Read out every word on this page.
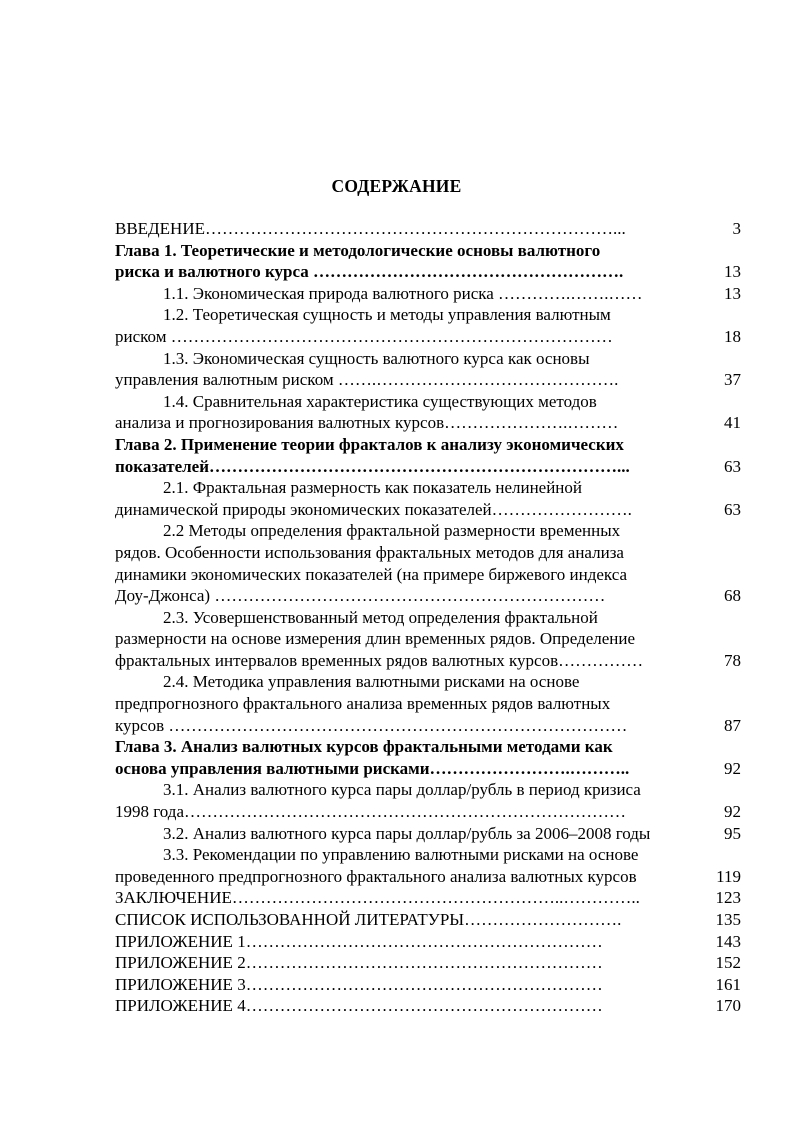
СОДЕРЖАНИЕ
ВВЕДЕНИЕ………………………………………………………………...	3
Глава 1. Теоретические и методологические основы валютного
риска и валютного курса ……………………………………………….	13
1.1. Экономическая природа валютного риска ………….…….……	13
1.2. Теоретическая сущность и методы управления валютным
риском ……………………………………………………………………	18
1.3. Экономическая сущность валютного курса как основы
управления валютным риском …….…………………………………….	37
1.4. Сравнительная характеристика существующих методов
анализа и прогнозирования валютных курсов………………….………	41
Глава 2. Применение теории фракталов к анализу экономических
показателей………………………………………………………………...	63
2.1. Фрактальная размерность как показатель нелинейной
динамической природы экономических показателей…………………….	63
2.2 Методы определения фрактальной размерности временных
рядов. Особенности использования фрактальных методов для анализа
динамики экономических показателей (на примере биржевого индекса
Доу-Джонса) ……………………………………………………………	68
2.3. Усовершенствованный метод определения фрактальной
размерности на основе измерения длин временных рядов. Определение
фрактальных интервалов временных рядов валютных курсов……………	78
2.4. Методика управления валютными рисками на основе
предпрогнозного фрактального анализа временных рядов валютных
курсов ………………………………………………………………………	87
Глава 3. Анализ валютных курсов фрактальными методами как
основа управления валютными рисками…………………….………..	92
3.1. Анализ валютного курса пары доллар/рубль в период кризиса
1998 года……………………………………………………………………	92
3.2. Анализ валютного курса пары доллар/рубль за 2006–2008 годы	95
3.3. Рекомендации по управлению валютными рисками на основе
проведенного предпрогнозного фрактального анализа валютных курсов	119
ЗАКЛЮЧЕНИЕ…………………………………………………..…………..	123
СПИСОК ИСПОЛЬЗОВАННОЙ ЛИТЕРАТУРЫ……………………….	135
ПРИЛОЖЕНИЕ 1………………………………………………………	143
ПРИЛОЖЕНИЕ 2………………………………………………………	152
ПРИЛОЖЕНИЕ 3………………………………………………………	161
ПРИЛОЖЕНИЕ 4………………………………………………………	170
